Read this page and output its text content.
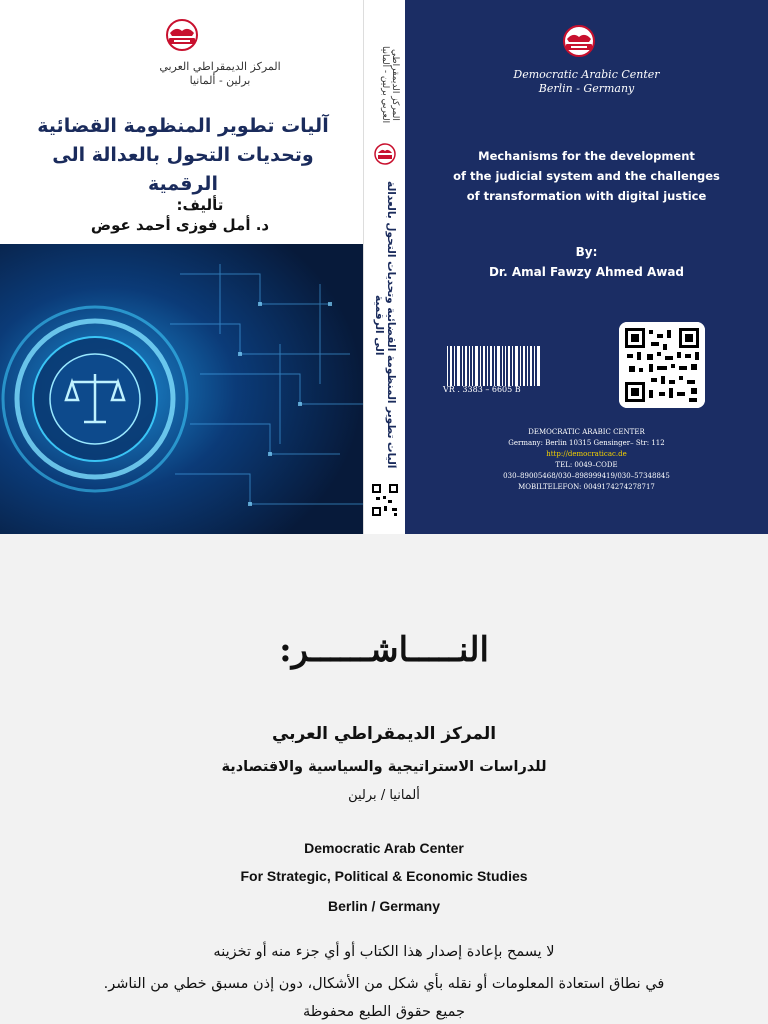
المركز الديمقراطي العربي
برلين - ألمانيا
آليات تطوير المنظومة القضائية
وتحديات التحول بالعدالة الى الرقمية
تأليف:
د. أمل فوزى أحمد عوض
المركز الديمقراطي العربي برلين - ألمانيا
آليات تطوير المنظومة القضائية وتحديات التحول بالعدالة الى الرقمية
Democratic Arabic Center
Berlin - Germany
Mechanisms for the development
of the judicial system and the challenges
of transformation with digital justice
By:
Dr. Amal Fawzy Ahmed Awad
VR . 3383 – 6605 B
DEMOCRATIC ARABIC CENTER
Germany: Berlin 10315 Gensinger– Str: 112
http://democraticac.de
TEL: 0049–CODE
030–89005468/030–898999419/030–57348845
MOBILTELEFON: 0049174274278717
النـــــاشــــــر:
المركز الديمقراطي العربي
للدراسات الاستراتيجية والسياسية والاقتصادية
ألمانيا / برلين
Democratic Arab Center
For Strategic, Political & Economic Studies
Berlin / Germany
لا يسمح بإعادة إصدار هذا الكتاب أو أي جزء منه أو تخزينه
في نطاق استعادة المعلومات أو نقله بأي شكل من الأشكال، دون إذن مسبق خطي من الناشر.
جميع حقوق الطبع محفوظة
